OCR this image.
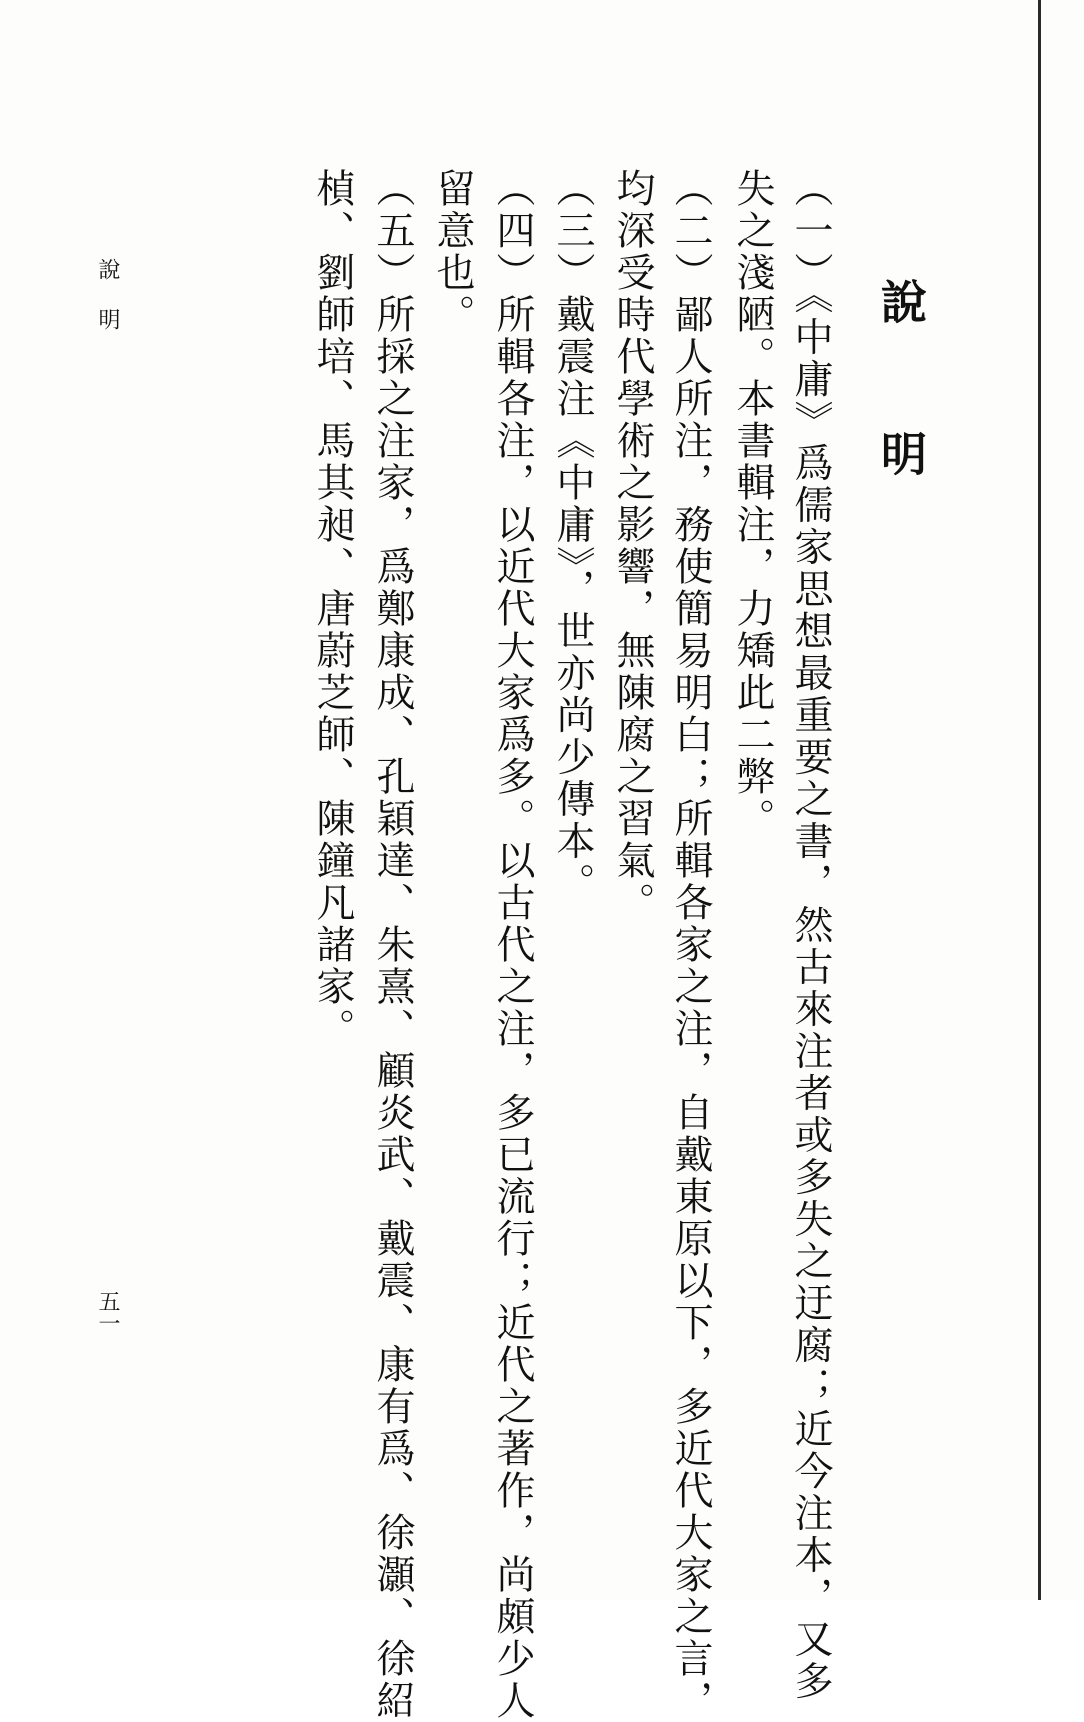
說　明
（一）《中庸》爲儒家思想最重要之書，然古來注者或多失之迂腐；近今注本，又多
失之淺陋。本書輯注，力矯此二弊。
（二）鄙人所注，務使簡易明白；所輯各家之注，自戴東原以下，多近代大家之言，
均深受時代學術之影響，無陳腐之習氣。
（三）戴震注《中庸》，世亦尚少傳本。
（四）所輯各注，以近代大家爲多。以古代之注，多已流行；近代之著作，尚頗少人
留意也。
（五）所採之注家，爲鄭康成、孔穎達、朱熹、顧炎武、戴震、康有爲、徐灝、徐紹
楨、劉師培、馬其昶、唐蔚芝師、陳鐘凡諸家。
說明
五一
